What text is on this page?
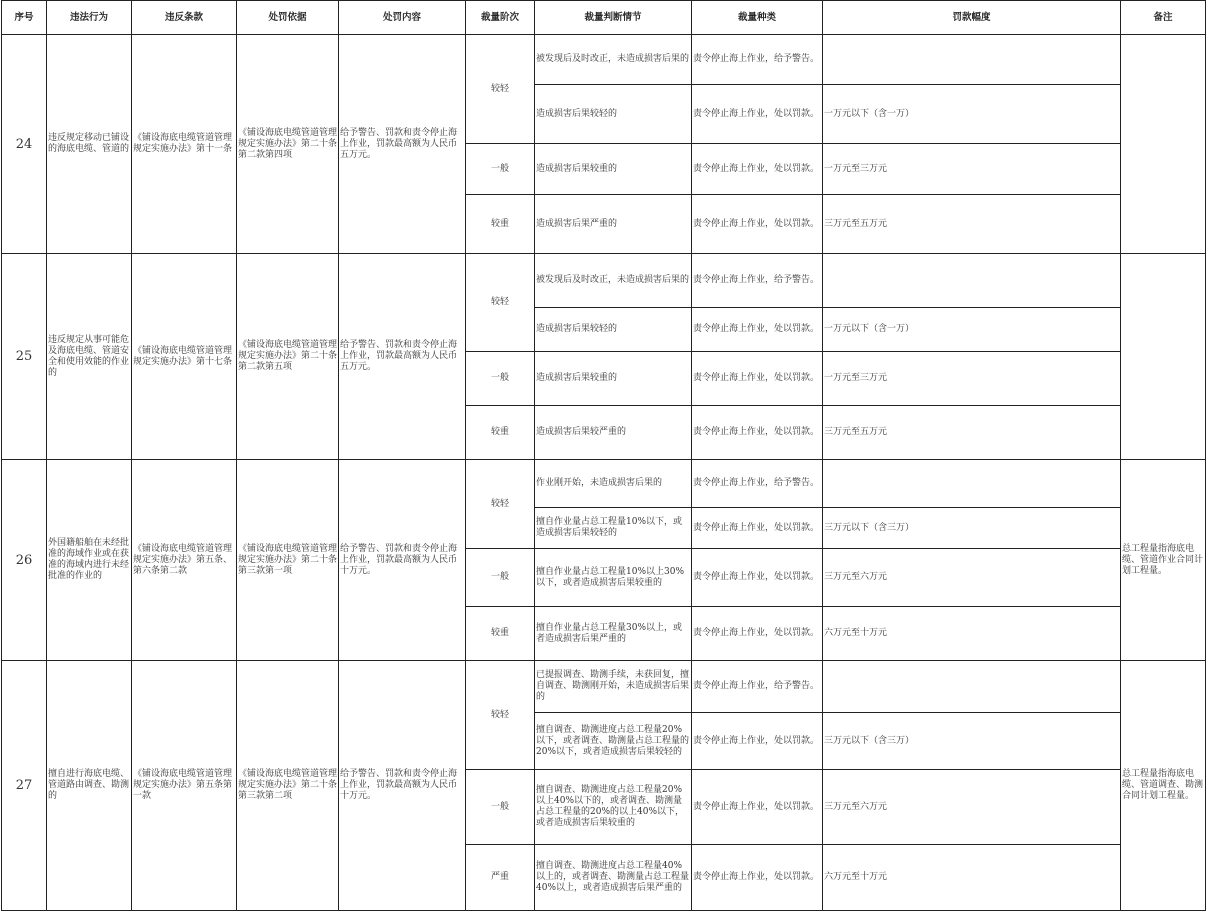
序号	违法行为	违反条款	处罚依据	处罚内容	裁量阶次	裁量判断情节	裁量种类	罚款幅度	备注
24	违反规定移动已铺设的海底电缆、管道的	《铺设海底电缆管道管理规定实施办法》第十一条	《铺设海底电缆管道管理规定实施办法》第二十条第二款第四项	给予警告、罚款和责令停止海上作业，罚款最高额为人民币五万元。	较轻	被发现后及时改正，未造成损害后果的	责令停止海上作业，给予警告。		
						造成损害后果较轻的	责令停止海上作业，处以罚款。	一万元以下（含一万）	
					一般	造成损害后果较重的	责令停止海上作业，处以罚款。	一万元至三万元	
					较重	造成损害后果严重的	责令停止海上作业，处以罚款。	三万元至五万元	

25	违反规定从事可能危及海底电缆、管道安全和使用效能的作业的	《铺设海底电缆管道管理规定实施办法》第十七条	《铺设海底电缆管道管理规定实施办法》第二十条第二款第五项	给予警告、罚款和责令停止海上作业，罚款最高额为人民币五万元。	较轻	被发现后及时改正，未造成损害后果的	责令停止海上作业，给予警告。		
						造成损害后果较轻的	责令停止海上作业，处以罚款。	一万元以下（含一万）	
					一般	造成损害后果较重的	责令停止海上作业，处以罚款。	一万元至三万元	
					较重	造成损害后果较严重的	责令停止海上作业，处以罚款。	三万元至五万元	
26	外国籍船舶在未经批准的海域作业或在获准的海域内进行未经批准的作业的	《铺设海底电缆管道管理规定实施办法》第五条、第六条第二款	《铺设海底电缆管道管理规定实施办法》第二十条第三款第一项	给予警告、罚款和责令停止海上作业，罚款最高额为人民币十万元。	较轻	作业刚开始，未造成损害后果的	责令停止海上作业，给予警告。		总工程量指海底电缆、管道作业合同计划工程量。
						擅自作业量占总工程量10%以下，或造成损害后果较轻的	责令停止海上作业，处以罚款。	三万元以下（含三万）	
					一般	擅自作业量占总工程量10%以上30%以下，或者造成损害后果较重的	责令停止海上作业，处以罚款。	三万元至六万元	
					较重	擅自作业量占总工程量30%以上，或者造成损害后果严重的	责令停止海上作业，处以罚款。	六万元至十万元	
27	擅自进行海底电缆、管道路由调查、勘测的	《铺设海底电缆管道管理规定实施办法》第五条第一款	《铺设海底电缆管道管理规定实施办法》第二十条第三款第二项	给予警告、罚款和责令停止海上作业，罚款最高额为人民币十万元。	较轻	已提报调查、勘测手续，未获回复，擅自调查、勘测刚开始，未造成损害后果的	责令停止海上作业，给予警告。		总工程量指海底电缆、管道调查、勘测合同计划工程量。
						擅自调查、勘测进度占总工程量20%以下，或者调查、勘测量占总工程量的20%以下，或者造成损害后果较轻的	责令停止海上作业，处以罚款。	三万元以下（含三万）	
					一般	擅自调查、勘测进度占总工程量20%以上40%以下的，或者调查、勘测量占总工程量的20%的以上40%以下，或者造成损害后果较重的	责令停止海上作业，处以罚款。	三万元至六万元	
					严重	擅自调查、勘测进度占总工程量40%以上的，或者调查、勘测量占总工程量40%以上，或者造成损害后果严重的	责令停止海上作业，处以罚款。	六万元至十万元	
